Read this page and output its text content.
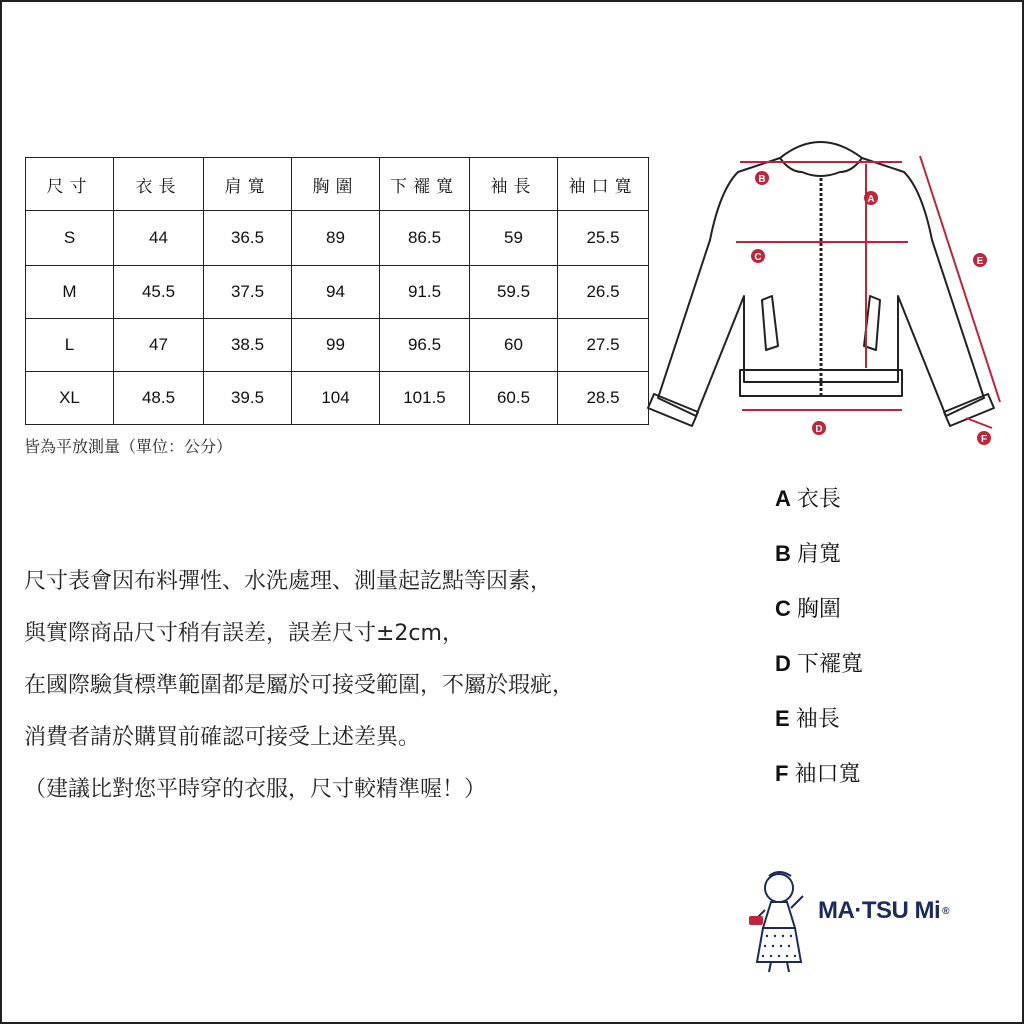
尺寸	衣長	肩寬	胸圍	下襬寬	袖長	袖口寬
S	44	36.5	89	86.5	59	25.5
M	45.5	37.5	94	91.5	59.5	26.5
L	47	38.5	99	96.5	60	27.5
XL	48.5	39.5	104	101.5	60.5	28.5
皆為平放測量（單位：公分）
尺寸表會因布料彈性、水洗處理、測量起訖點等因素，
與實際商品尺寸稍有誤差，誤差尺寸±2cm，
在國際驗貨標準範圍都是屬於可接受範圍，不屬於瑕疵，
消費者請於購買前確認可接受上述差異。
（建議比對您平時穿的衣服，尺寸較精準喔！）
A
B
C
D
E
F
A 衣長
B 肩寬
C 胸圍
D 下襬寬
E 袖長
F 袖口寬
MA·TSU Mi ®
